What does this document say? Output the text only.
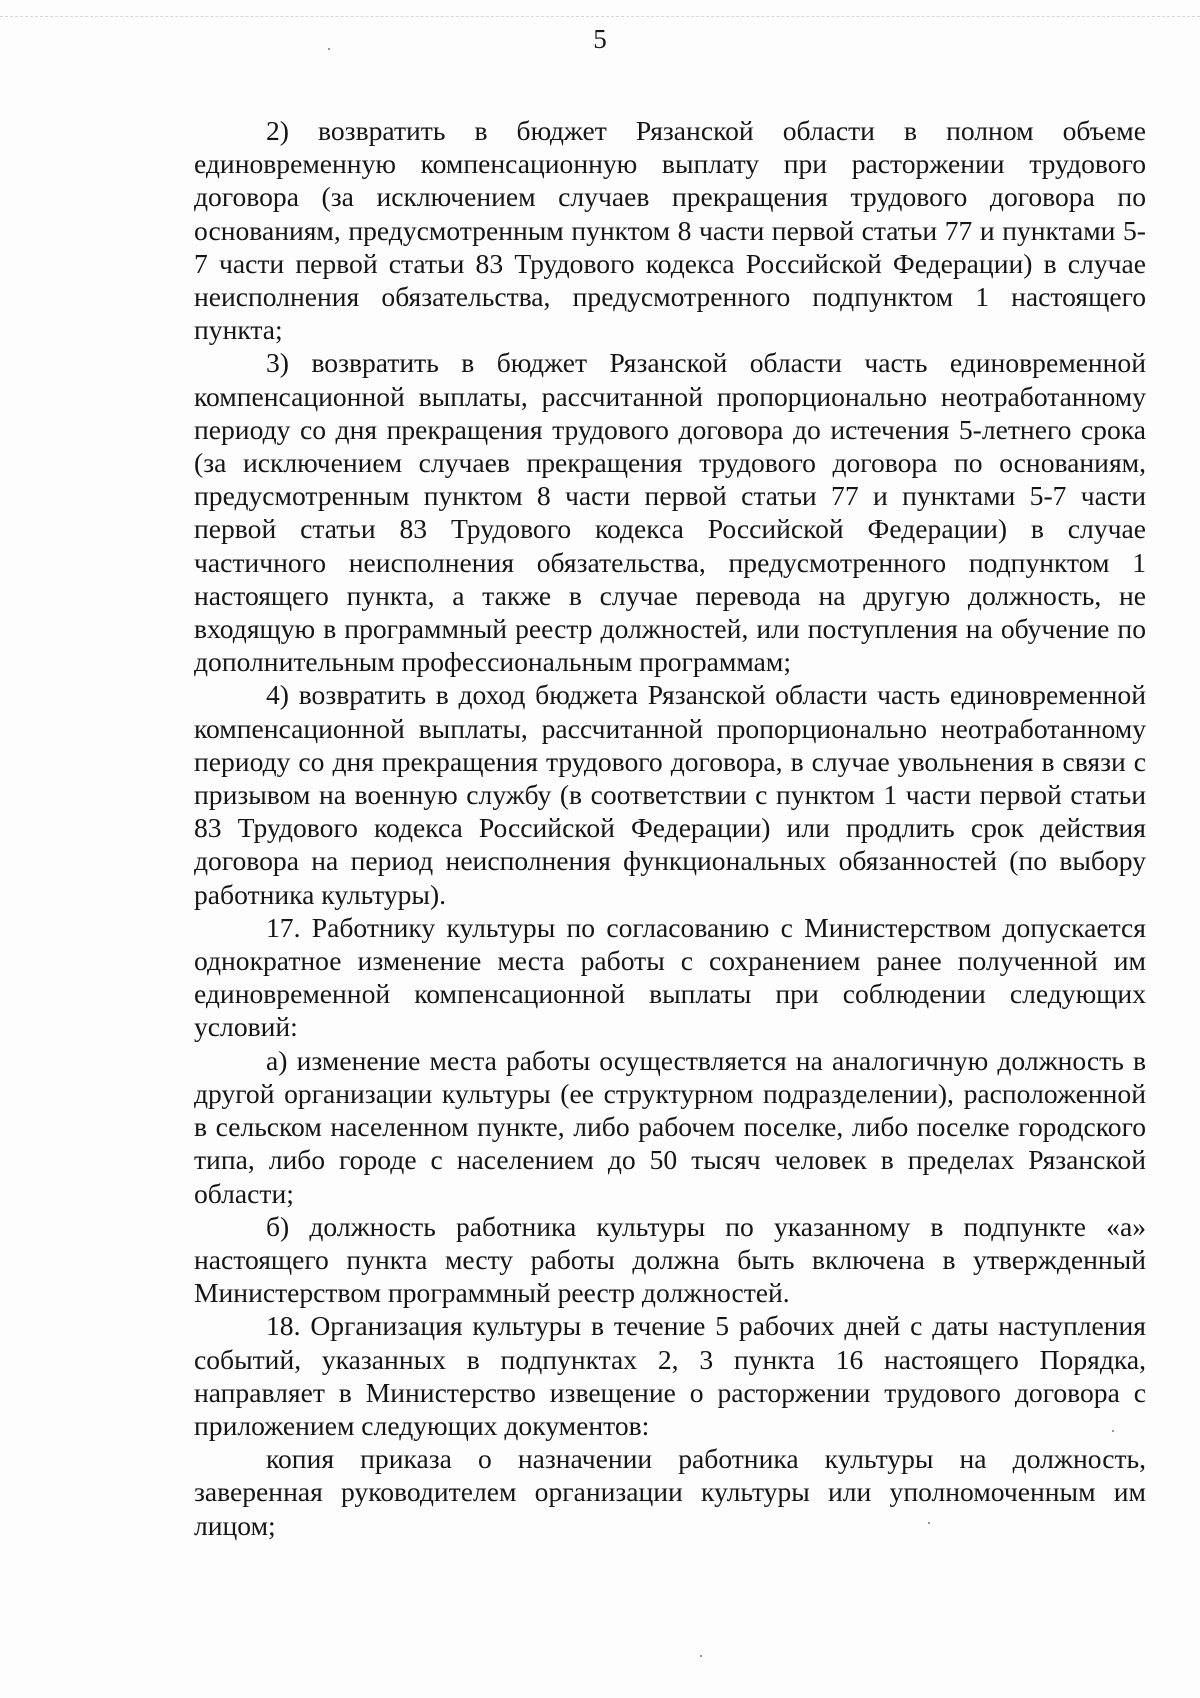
5

2) возвратить в бюджет Рязанской области в полном объеме единовременную компенсационную выплату при расторжении трудового договора (за исключением случаев прекращения трудового договора по основаниям, предусмотренным пунктом 8 части первой статьи 77 и пунктами 5-7 части первой статьи 83 Трудового кодекса Российской Федерации) в случае неисполнения обязательства, предусмотренного подпунктом 1 настоящего пункта;

3) возвратить в бюджет Рязанской области часть единовременной компенсационной выплаты, рассчитанной пропорционально неотработанному периоду со дня прекращения трудового договора до истечения 5-летнего срока (за исключением случаев прекращения трудового договора по основаниям, предусмотренным пунктом 8 части первой статьи 77 и пунктами 5-7 части первой статьи 83 Трудового кодекса Российской Федерации) в случае частичного неисполнения обязательства, предусмотренного подпунктом 1 настоящего пункта, а также в случае перевода на другую должность, не входящую в программный реестр должностей, или поступления на обучение по дополнительным профессиональным программам;

4) возвратить в доход бюджета Рязанской области часть единовременной компенсационной выплаты, рассчитанной пропорционально неотработанному периоду со дня прекращения трудового договора, в случае увольнения в связи с призывом на военную службу (в соответствии с пунктом 1 части первой статьи 83 Трудового кодекса Российской Федерации) или продлить срок действия договора на период неисполнения функциональных обязанностей (по выбору работника культуры).

17. Работнику культуры по согласованию с Министерством допускается однократное изменение места работы с сохранением ранее полученной им единовременной компенсационной выплаты при соблюдении следующих условий:

а) изменение места работы осуществляется на аналогичную должность в другой организации культуры (ее структурном подразделении), расположенной в сельском населенном пункте, либо рабочем поселке, либо поселке городского типа, либо городе с населением до 50 тысяч человек в пределах Рязанской области;

б) должность работника культуры по указанному в подпункте «а» настоящего пункта месту работы должна быть включена в утвержденный Министерством программный реестр должностей.

18. Организация культуры в течение 5 рабочих дней с даты наступления событий, указанных в подпунктах 2, 3 пункта 16 настоящего Порядка, направляет в Министерство извещение о расторжении трудового договора с приложением следующих документов:

копия приказа о назначении работника культуры на должность, заверенная руководителем организации культуры или уполномоченным им лицом;
